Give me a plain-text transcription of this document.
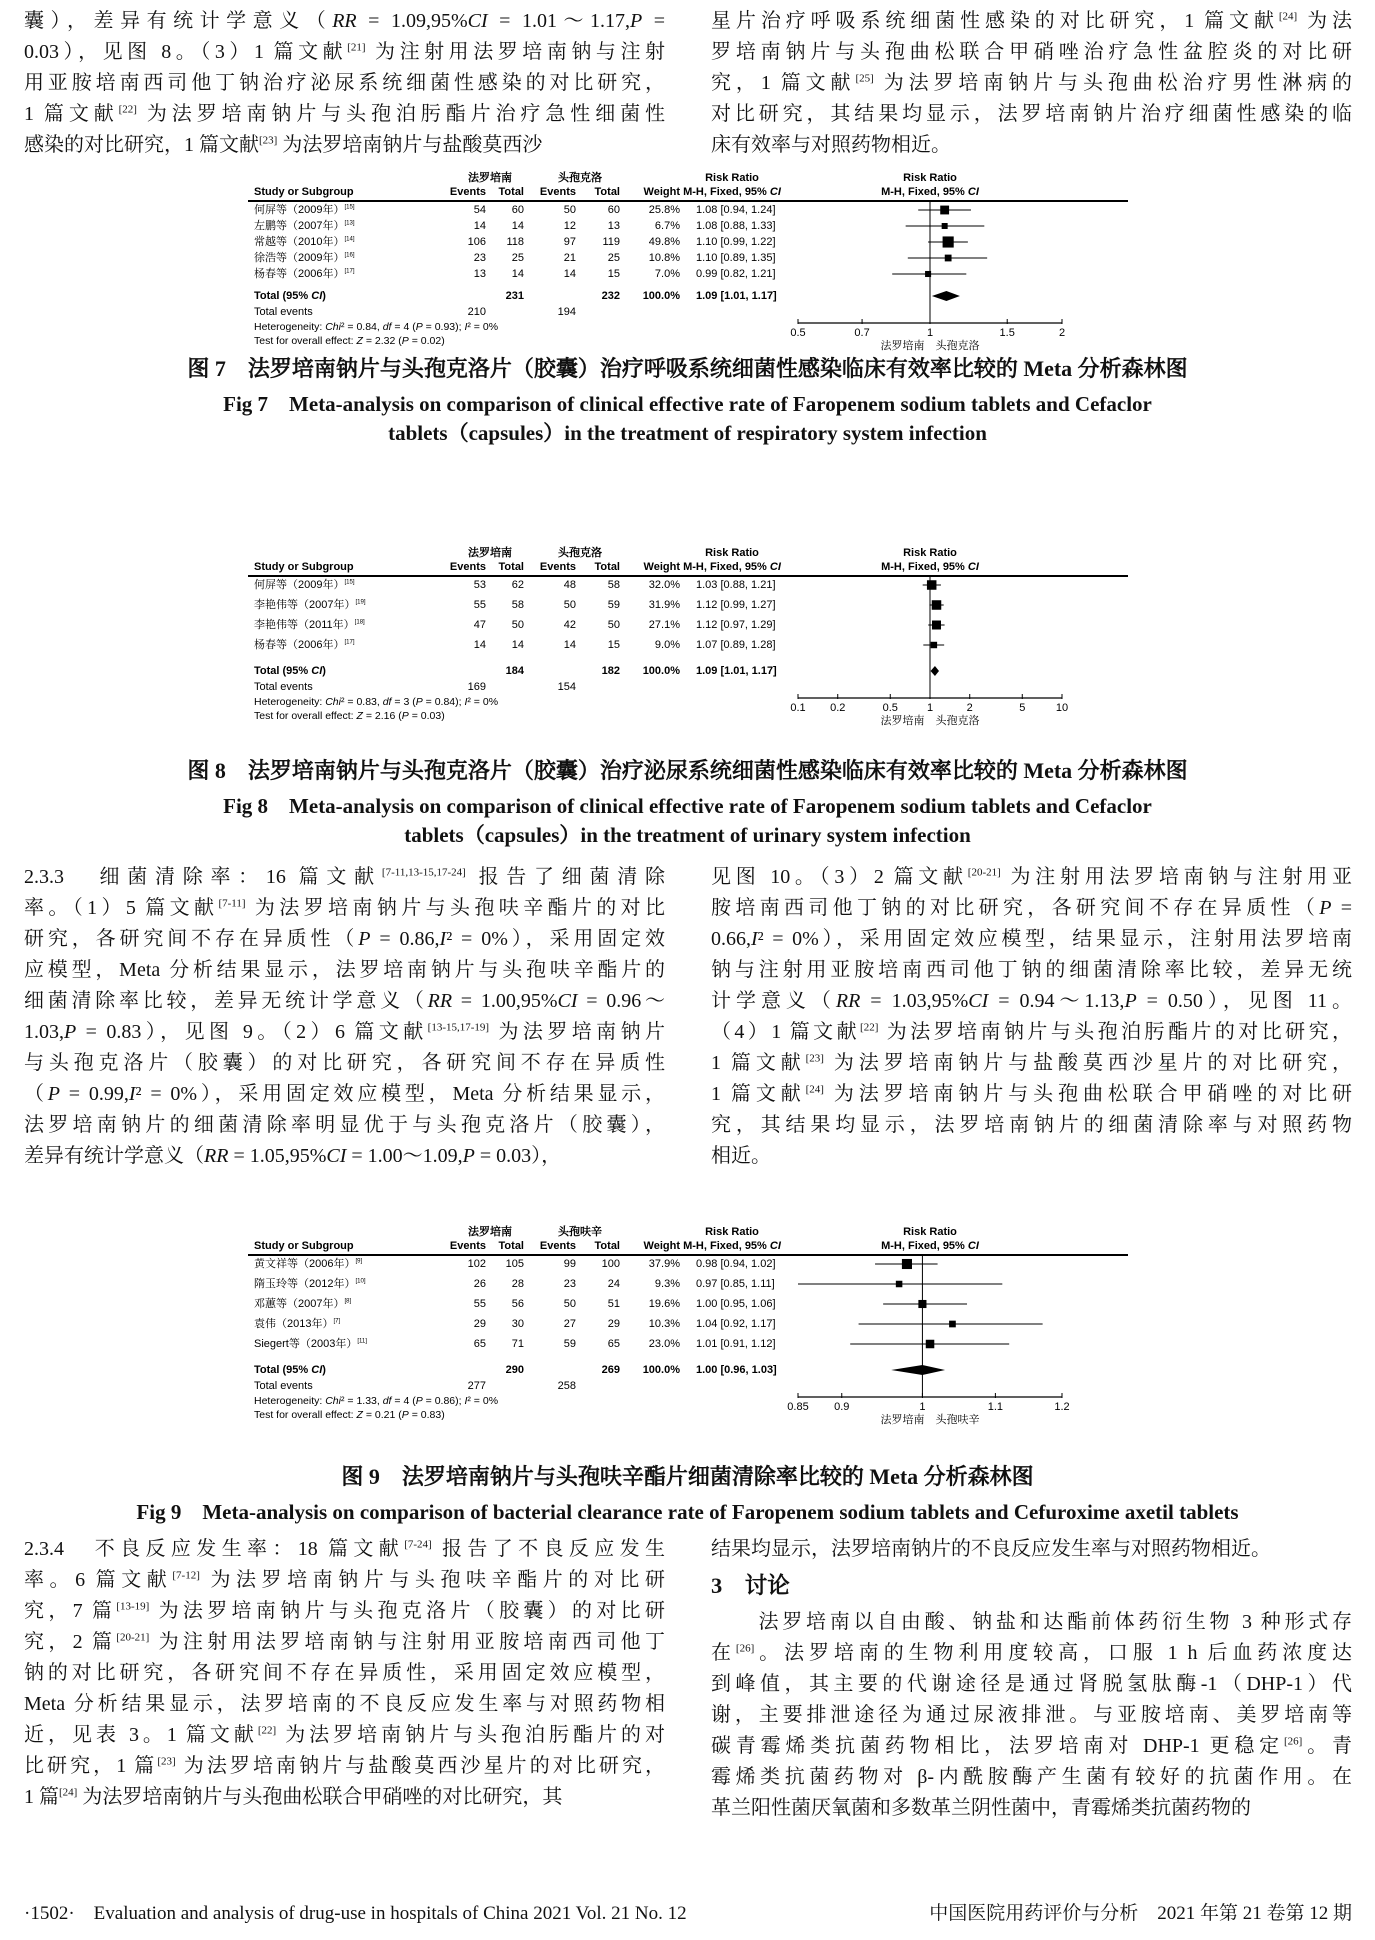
囊），差异有统计学意义（RR = 1.09,95%CI = 1.01～1.17,P =
0.03），见图 8。（3）1 篇文献[21] 为注射用法罗培南钠与注射
用亚胺培南西司他丁钠治疗泌尿系统细菌性感染的对比研究，
1 篇文献[22] 为法罗培南钠片与头孢泊肟酯片治疗急性细菌性
感染的对比研究，1 篇文献[23] 为法罗培南钠片与盐酸莫西沙
星片治疗呼吸系统细菌性感染的对比研究，1 篇文献[24] 为法
罗培南钠片与头孢曲松联合甲硝唑治疗急性盆腔炎的对比研
究，1 篇文献[25] 为法罗培南钠片与头孢曲松治疗男性淋病的
对比研究，其结果均显示，法罗培南钠片治疗细菌性感染的临
床有效率与对照药物相近。
法罗培南	头孢克洛	Risk Ratio	Risk Ratio
Study or Subgroup	Events	Total	Events	Total	Weight M-H, Fixed, 95% CI	M-H, Fixed, 95% CI
何屏等（2009年）[15]	54	60	50	60	25.8% 1.08 [0.94, 1.24]
左鹏等（2007年）[13]	14	14	12	13	6.7% 1.08 [0.88, 1.33]
常越等（2010年）[14]	106	118	97	119	49.8% 1.10 [0.99, 1.22]
徐浩等（2009年）[16]	23	25	21	25	10.8% 1.10 [0.89, 1.35]
杨春等（2006年）[17]	13	14	14	15	7.0% 0.99 [0.82, 1.21]
Total (95% CI)	231	232	100.0% 1.09 [1.01, 1.17]
Total events	210	194
Heterogeneity: Chi² = 0.84, df = 4 (P = 0.93); I² = 0%
Test for overall effect: Z = 2.32 (P = 0.02)
0.5	0.7	1	1.5	2
法罗培南　头孢克洛
图 7　法罗培南钠片与头孢克洛片（胶囊）治疗呼吸系统细菌性感染临床有效率比较的 Meta 分析森林图
Fig 7　Meta-analysis on comparison of clinical effective rate of Faropenem sodium tablets and Cefaclor
tablets（capsules）in the treatment of respiratory system infection
法罗培南	头孢克洛	Risk Ratio	Risk Ratio
Study or Subgroup	Events	Total	Events	Total	Weight M-H, Fixed, 95% CI	M-H, Fixed, 95% CI
何屏等（2009年）[15]	53	62	48	58	32.0% 1.03 [0.88, 1.21]
李艳伟等（2007年）[19]	55	58	50	59	31.9% 1.12 [0.99, 1.27]
李艳伟等（2011年）[18]	47	50	42	50	27.1% 1.12 [0.97, 1.29]
杨春等（2006年）[17]	14	14	14	15	9.0% 1.07 [0.89, 1.28]
Total (95% CI)	184	182	100.0% 1.09 [1.01, 1.17]
Total events	169	154
Heterogeneity: Chi² = 0.83, df = 3 (P = 0.84); I² = 0%
Test for overall effect: Z = 2.16 (P = 0.03)
0.1	0.2	0.5	1	2	5	10
法罗培南　头孢克洛
图 8　法罗培南钠片与头孢克洛片（胶囊）治疗泌尿系统细菌性感染临床有效率比较的 Meta 分析森林图
Fig 8　Meta-analysis on comparison of clinical effective rate of Faropenem sodium tablets and Cefaclor
tablets（capsules）in the treatment of urinary system infection
2.3.3　细菌清除率：16 篇文献[7-11,13-15,17-24] 报告了细菌清除
率。（1）5 篇文献[7-11] 为法罗培南钠片与头孢呋辛酯片的对比
研究，各研究间不存在异质性（P = 0.86,I² = 0%），采用固定效
应模型，Meta 分析结果显示，法罗培南钠片与头孢呋辛酯片的
细菌清除率比较，差异无统计学意义（RR = 1.00,95%CI = 0.96～
1.03,P = 0.83），见图 9。（2）6 篇文献[13-15,17-19] 为法罗培南钠片
与头孢克洛片（胶囊）的对比研究，各研究间不存在异质性
（P = 0.99,I² = 0%），采用固定效应模型，Meta 分析结果显示，
法罗培南钠片的细菌清除率明显优于与头孢克洛片（胶囊），
差异有统计学意义（RR = 1.05,95%CI = 1.00～1.09,P = 0.03），
见图 10。（3）2 篇文献[20-21] 为注射用法罗培南钠与注射用亚
胺培南西司他丁钠的对比研究，各研究间不存在异质性（P =
0.66,I² = 0%），采用固定效应模型，结果显示，注射用法罗培南
钠与注射用亚胺培南西司他丁钠的细菌清除率比较，差异无统
计学意义（RR = 1.03,95%CI = 0.94～1.13,P = 0.50），见图 11。
（4）1 篇文献[22] 为法罗培南钠片与头孢泊肟酯片的对比研究，
1 篇文献[23] 为法罗培南钠片与盐酸莫西沙星片的对比研究，
1 篇文献[24] 为法罗培南钠片与头孢曲松联合甲硝唑的对比研
究，其结果均显示，法罗培南钠片的细菌清除率与对照药物
相近。
法罗培南	头孢呋辛	Risk Ratio	Risk Ratio
Study or Subgroup	Events	Total	Events	Total	Weight M-H, Fixed, 95% CI	M-H, Fixed, 95% CI
黄文祥等（2006年）[9]	102	105	99	100	37.9% 0.98 [0.94, 1.02]
隋玉玲等（2012年）[10]	26	28	23	24	9.3% 0.97 [0.85, 1.11]
邓蕙等（2007年）[8]	55	56	50	51	19.6% 1.00 [0.95, 1.06]
袁伟（2013年）[7]	29	30	27	29	10.3% 1.04 [0.92, 1.17]
Siegert等（2003年）[11]	65	71	59	65	23.0% 1.01 [0.91, 1.12]
Total (95% CI)	290	269	100.0% 1.00 [0.96, 1.03]
Total events	277	258
Heterogeneity: Chi² = 1.33, df = 4 (P = 0.86); I² = 0%
Test for overall effect: Z = 0.21 (P = 0.83)
0.85	0.9	1	1.1	1.2
法罗培南　头孢呋辛
图 9　法罗培南钠片与头孢呋辛酯片细菌清除率比较的 Meta 分析森林图
Fig 9　Meta-analysis on comparison of bacterial clearance rate of Faropenem sodium tablets and Cefuroxime axetil tablets
2.3.4　不良反应发生率：18 篇文献[7-24] 报告了不良反应发生
率。6 篇文献[7-12] 为法罗培南钠片与头孢呋辛酯片的对比研
究，7 篇[13-19] 为法罗培南钠片与头孢克洛片（胶囊）的对比研
究，2 篇[20-21] 为注射用法罗培南钠与注射用亚胺培南西司他丁
钠的对比研究，各研究间不存在异质性，采用固定效应模型，
Meta 分析结果显示，法罗培南的不良反应发生率与对照药物相
近，见表 3。1 篇文献[22] 为法罗培南钠片与头孢泊肟酯片的对
比研究，1 篇[23] 为法罗培南钠片与盐酸莫西沙星片的对比研究，
1 篇[24] 为法罗培南钠片与头孢曲松联合甲硝唑的对比研究，其
结果均显示，法罗培南钠片的不良反应发生率与对照药物相近。
3　讨论
　　法罗培南以自由酸、钠盐和达酯前体药衍生物 3 种形式存
在[26]。法罗培南的生物利用度较高，口服 1 h 后血药浓度达
到峰值，其主要的代谢途径是通过肾脱氢肽酶-1（DHP-1）代
谢，主要排泄途径为通过尿液排泄。与亚胺培南、美罗培南等
碳青霉烯类抗菌药物相比，法罗培南对 DHP-1 更稳定[26]。青
霉烯类抗菌药物对 β-内酰胺酶产生菌有较好的抗菌作用。在
革兰阳性菌厌氧菌和多数革兰阴性菌中，青霉烯类抗菌药物的
·1502·　Evaluation and analysis of drug-use in hospitals of China 2021 Vol. 21 No. 12	中国医院用药评价与分析　2021 年第 21 卷第 12 期
